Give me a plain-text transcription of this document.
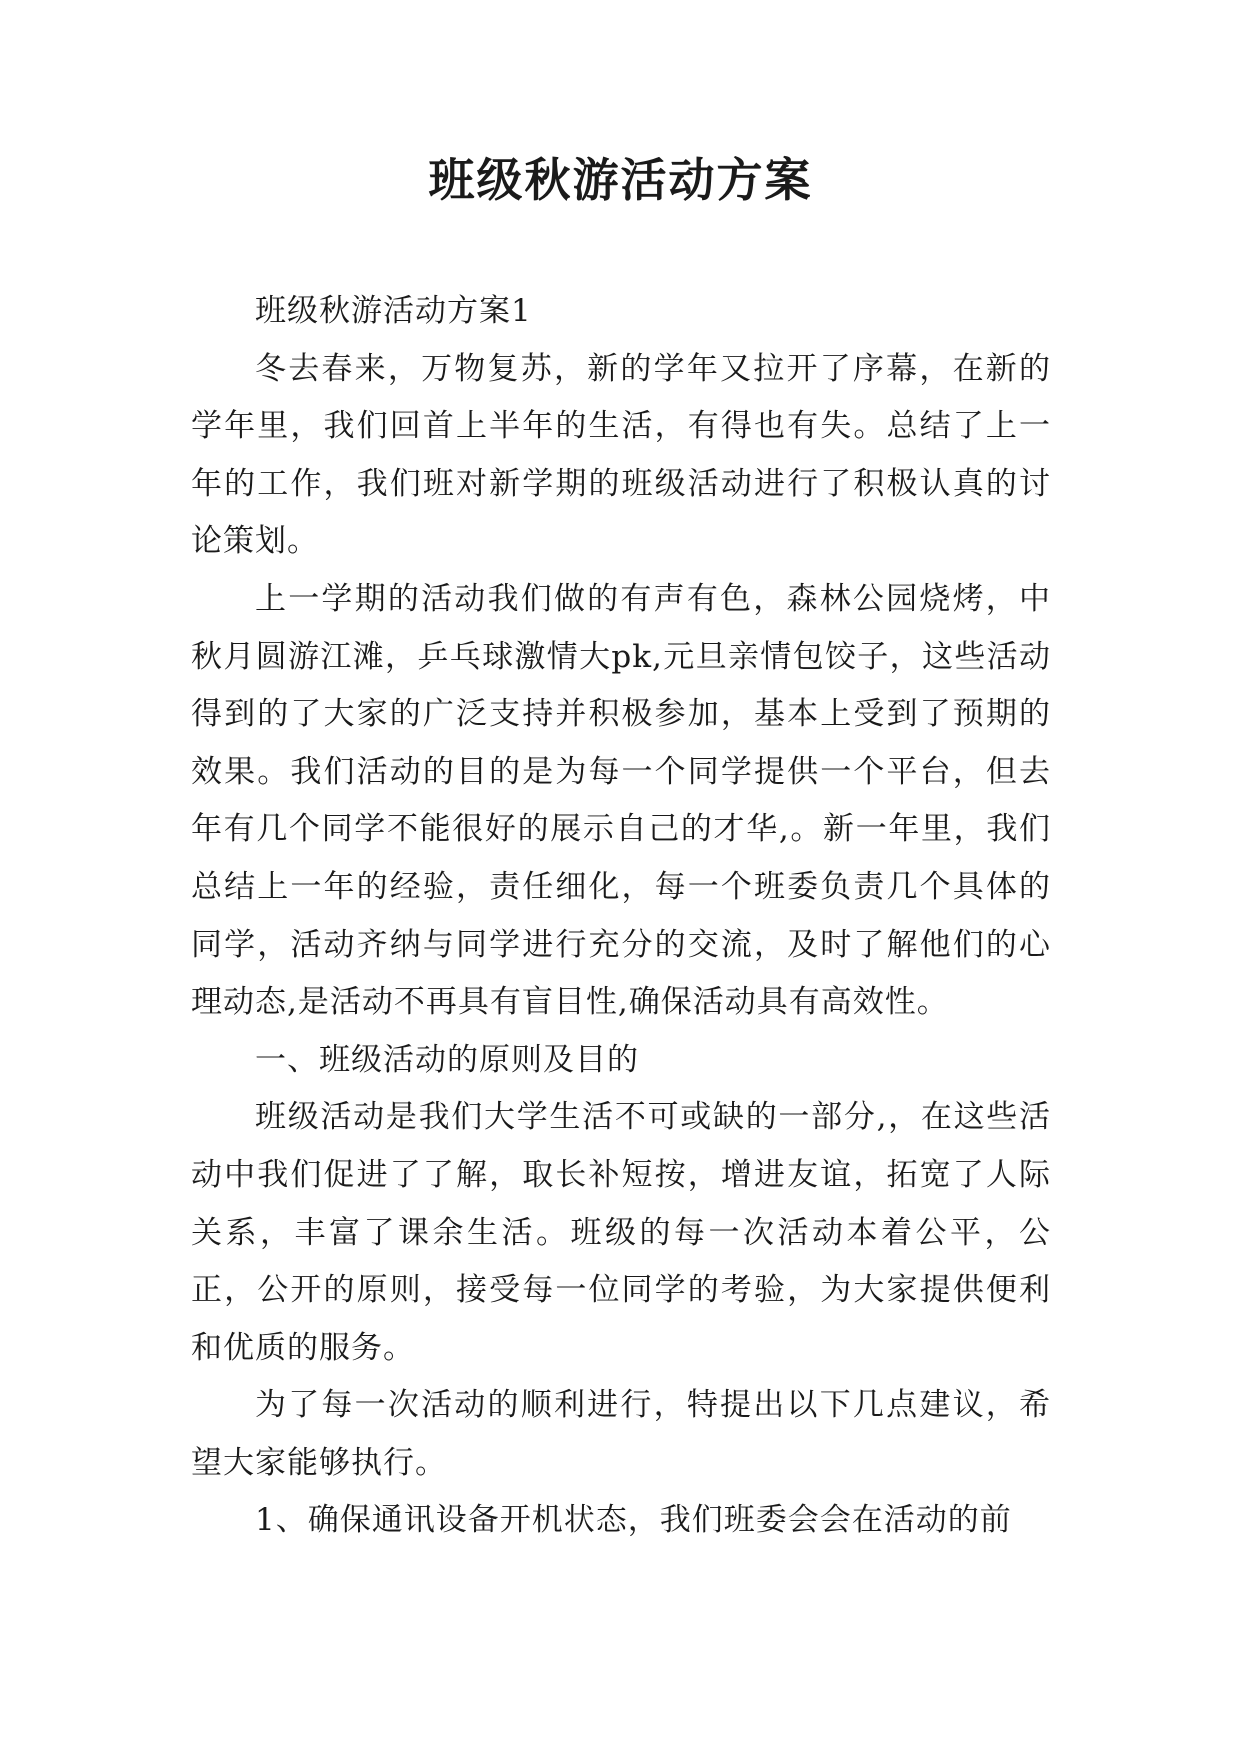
班级秋游活动方案

班级秋游活动方案1

冬去春来，万物复苏，新的学年又拉开了序幕，在新的学年里，我们回首上半年的生活，有得也有失。总结了上一年的工作，我们班对新学期的班级活动进行了积极认真的讨论策划。

上一学期的活动我们做的有声有色，森林公园烧烤，中秋月圆游江滩，乒乓球激情大pk,元旦亲情包饺子，这些活动得到的了大家的广泛支持并积极参加，基本上受到了预期的效果。我们活动的目的是为每一个同学提供一个平台，但去年有几个同学不能很好的展示自己的才华,。新一年里，我们总结上一年的经验，责任细化，每一个班委负责几个具体的同学，活动齐纳与同学进行充分的交流，及时了解他们的心理动态,是活动不再具有盲目性,确保活动具有高效性。

一、班级活动的原则及目的

班级活动是我们大学生活不可或缺的一部分,，在这些活动中我们促进了了解，取长补短按，增进友谊，拓宽了人际关系，丰富了课余生活。班级的每一次活动本着公平，公正，公开的原则，接受每一位同学的考验，为大家提供便利和优质的服务。

为了每一次活动的顺利进行，特提出以下几点建议，希望大家能够执行。

1、确保通讯设备开机状态，我们班委会会在活动的前
